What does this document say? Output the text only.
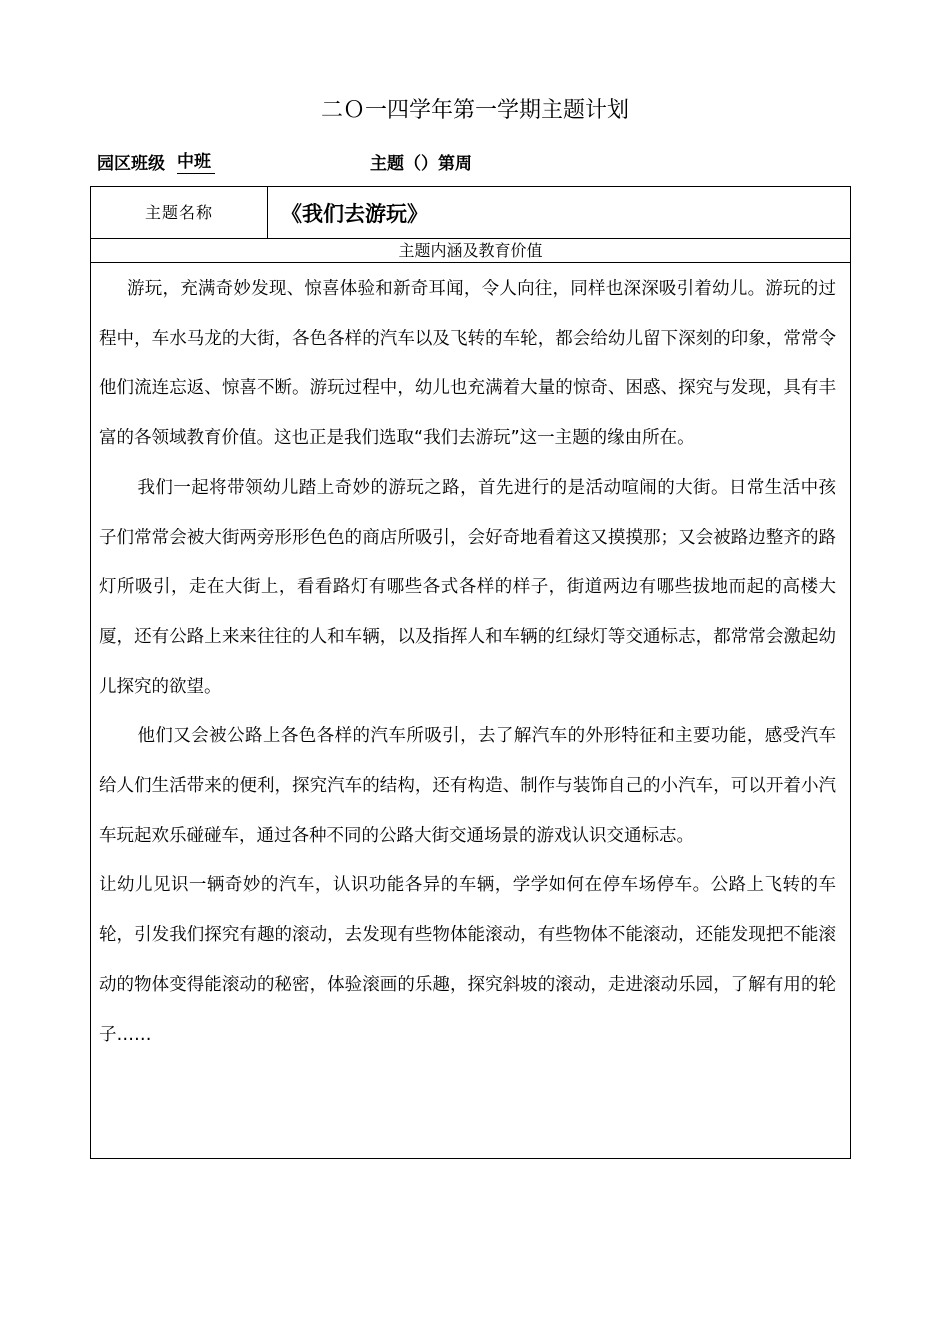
二Ｏ一四学年第一学期主题计划
园区班级 中班	主题（）第周
主题名称	《我们去游玩》
主题内涵及教育价值

游玩，充满奇妙发现、惊喜体验和新奇耳闻，令人向往，同样也深深吸引着幼儿。游玩的过程中，车水马龙的大街，各色各样的汽车以及飞转的车轮，都会给幼儿留下深刻的印象，常常令他们流连忘返、惊喜不断。游玩过程中，幼儿也充满着大量的惊奇、困惑、探究与发现，具有丰富的各领域教育价值。这也正是我们选取“我们去游玩”这一主题的缘由所在。

我们一起将带领幼儿踏上奇妙的游玩之路，首先进行的是活动喧闹的大街。日常生活中孩子们常常会被大街两旁形形色色的商店所吸引，会好奇地看着这又摸摸那；又会被路边整齐的路灯所吸引，走在大街上，看看路灯有哪些各式各样的样子，街道两边有哪些拔地而起的高楼大厦，还有公路上来来往往的人和车辆，以及指挥人和车辆的红绿灯等交通标志，都常常会激起幼儿探究的欲望。

他们又会被公路上各色各样的汽车所吸引，去了解汽车的外形特征和主要功能，感受汽车给人们生活带来的便利，探究汽车的结构，还有构造、制作与装饰自己的小汽车，可以开着小汽车玩起欢乐碰碰车，通过各种不同的公路大街交通场景的游戏认识交通标志。

让幼儿见识一辆奇妙的汽车，认识功能各异的车辆，学学如何在停车场停车。公路上飞转的车轮，引发我们探究有趣的滚动，去发现有些物体能滚动，有些物体不能滚动，还能发现把不能滚动的物体变得能滚动的秘密，体验滚画的乐趣，探究斜坡的滚动，走进滚动乐园，了解有用的轮子……
